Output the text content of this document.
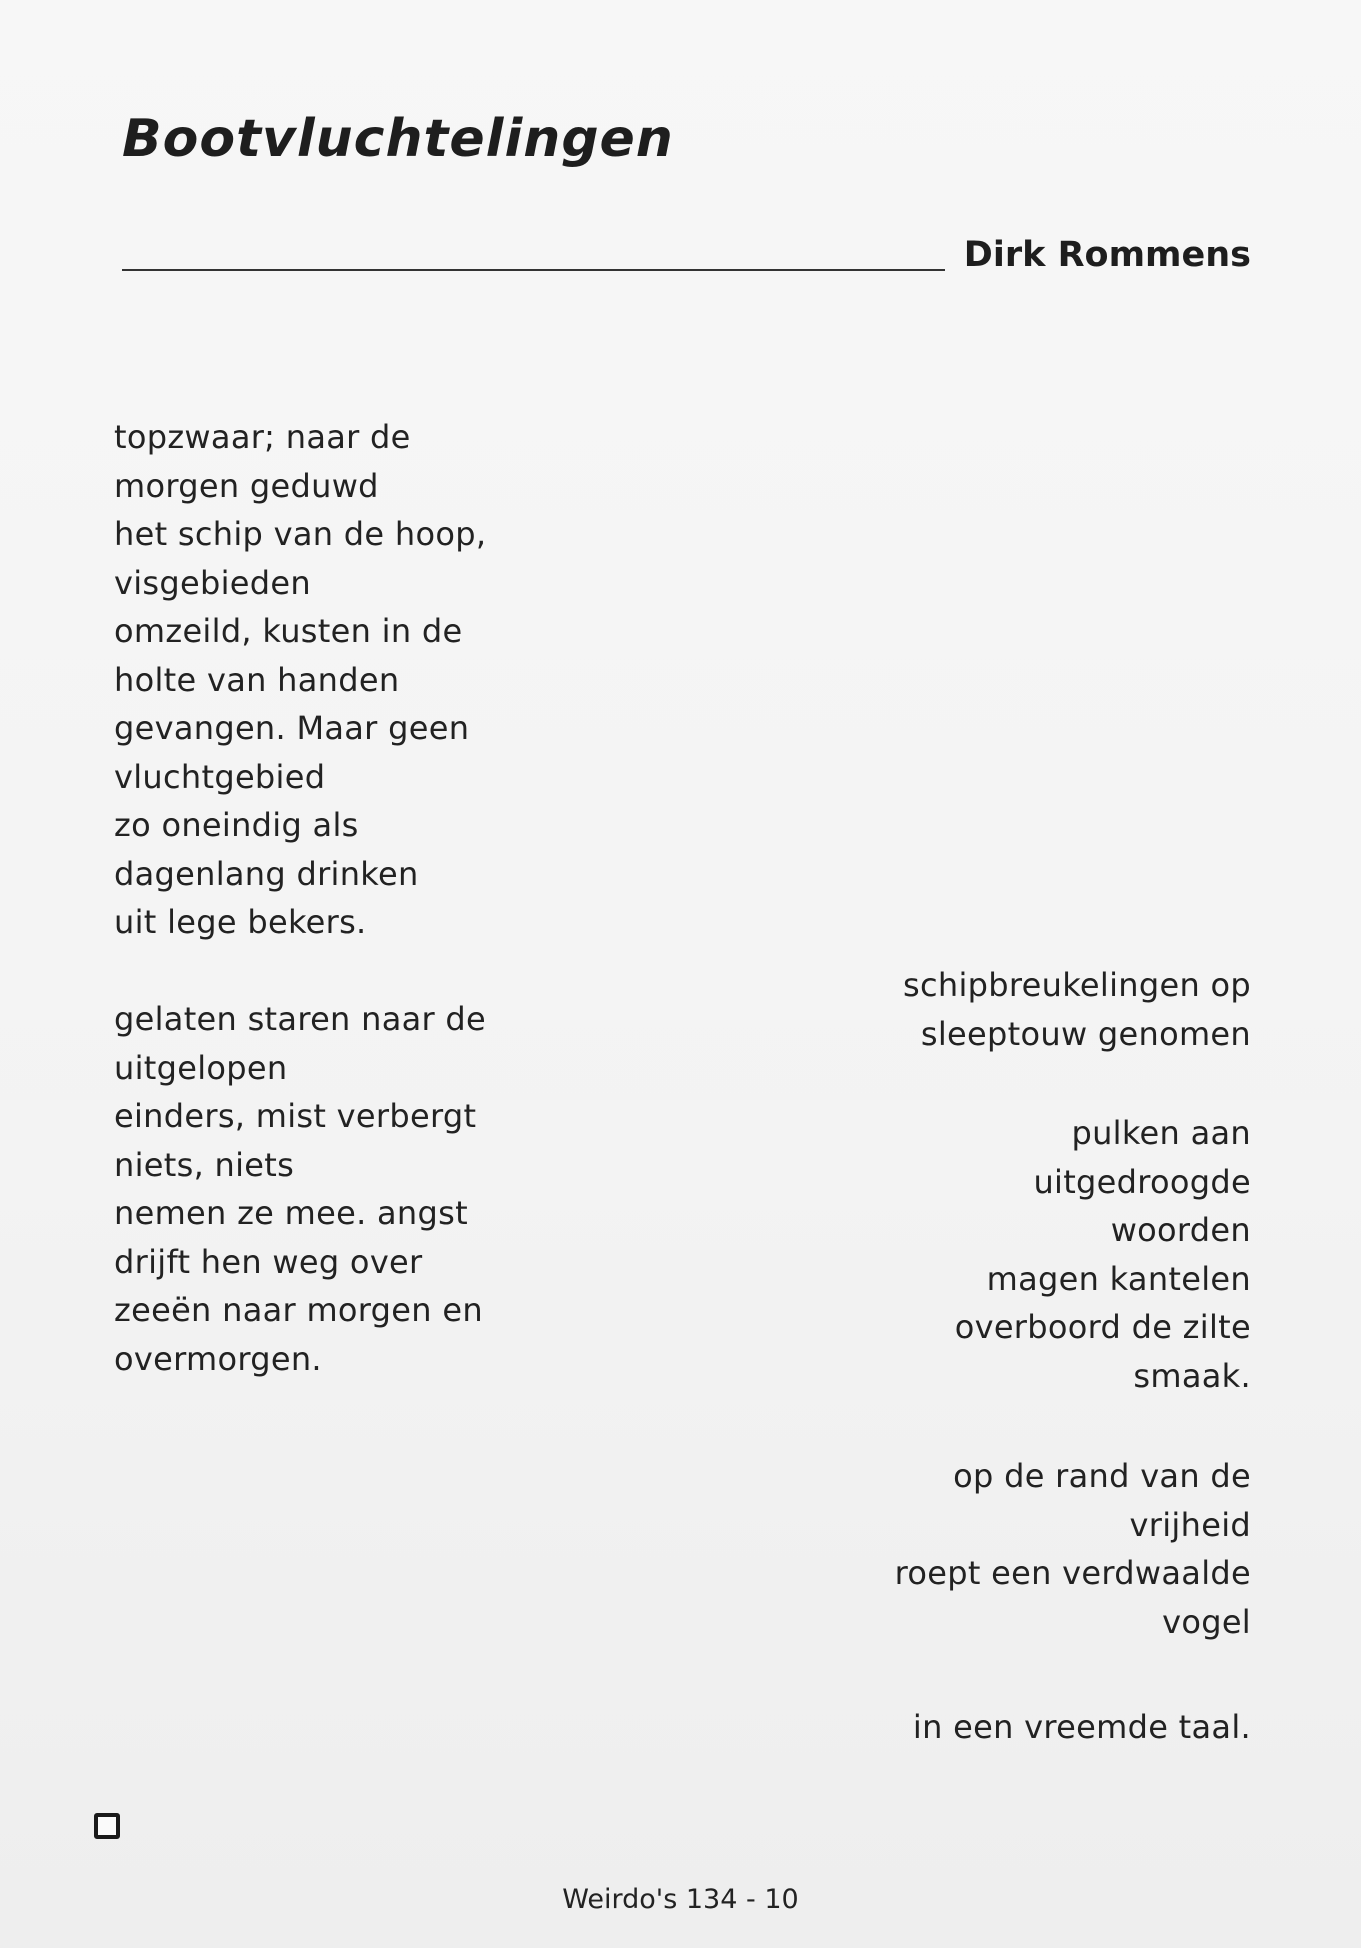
Bootvluchtelingen
Dirk Rommens
topzwaar; naar de
morgen geduwd
het schip van de hoop,
visgebieden
omzeild, kusten in de
holte van handen
gevangen. Maar geen
vluchtgebied
zo oneindig als
dagenlang drinken
uit lege bekers.
gelaten staren naar de
uitgelopen
einders, mist verbergt
niets, niets
nemen ze mee. angst
drijft hen weg over
zeeën naar morgen en
overmorgen.
schipbreukelingen op
sleeptouw genomen
pulken aan
uitgedroogde
woorden
magen kantelen
overboord de zilte
smaak.
op de rand van de
vrijheid
roept een verdwaalde
vogel
in een vreemde taal.
Weirdo's 134 - 10
